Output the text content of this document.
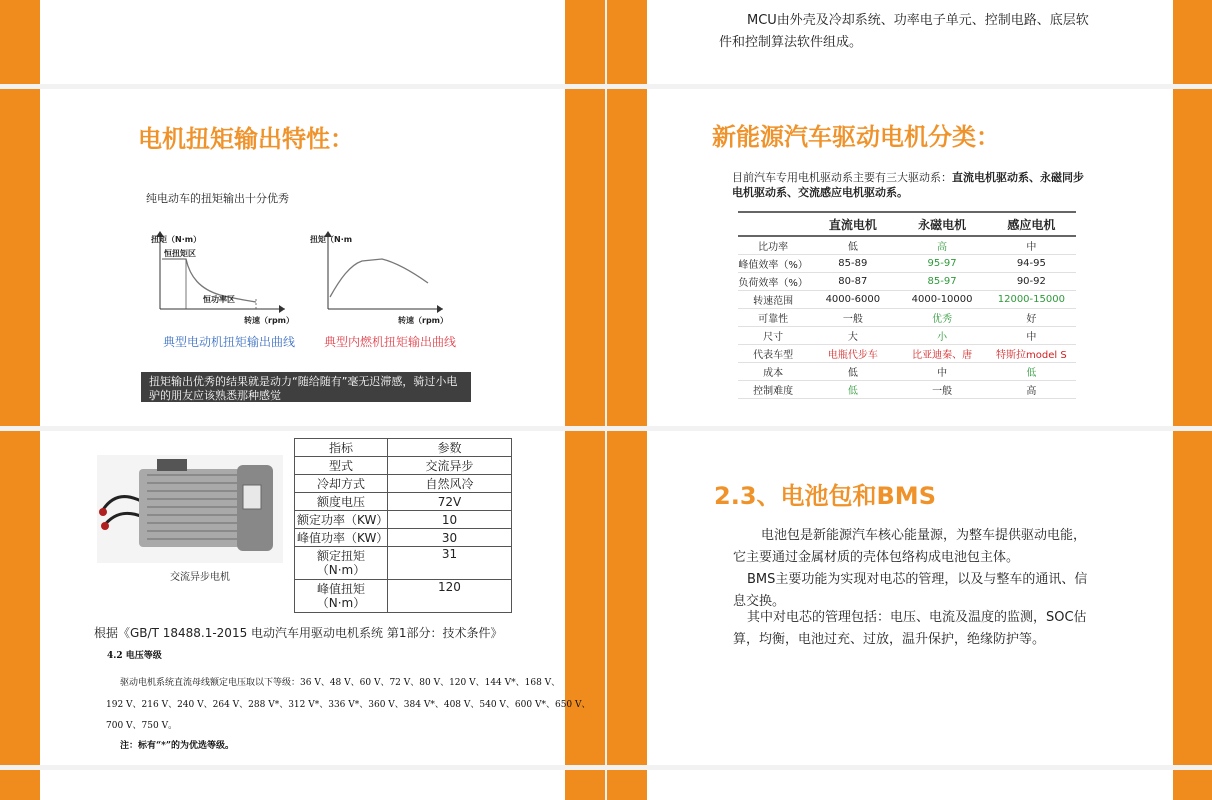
MCU由外壳及冷却系统、功率电子单元、控制电路、底层软件和控制算法软件组成。
电机扭矩输出特性：
纯电动车的扭矩输出十分优秀
扭矩（N·m）
恒扭矩区
恒功率区
转速（rpm）
典型电动机扭矩输出曲线
扭矩（N·m
转速（rpm）
典型内燃机扭矩输出曲线
扭矩输出优秀的结果就是动力“随给随有”毫无迟滞感，骑过小电驴的朋友应该熟悉那种感觉
新能源汽车驱动电机分类：
目前汽车专用电机驱动系主要有三大驱动系：直流电机驱动系、永磁同步电机驱动系、交流感应电机驱动系。
	直流电机	永磁电机	感应电机
比功率	低	高	中
峰值效率（%）	85-89	95-97	94-95
负荷效率（%）	80-87	85-97	90-92
转速范围	4000-6000	4000-10000	12000-15000
可靠性	一般	优秀	好
尺寸	大	小	中
代表车型	电瓶代步车	比亚迪秦、唐	特斯拉model S
成本	低	中	低
控制难度	低	一般	高
交流异步电机
指标	参数
型式	交流异步
冷却方式	自然风冷
额度电压	72V
额定功率（KW）	10
峰值功率（KW）	30
额定扭矩
（N·m）	31
峰值扭矩
（N·m）	120
根据《GB/T 18488.1-2015 电动汽车用驱动电机系统 第1部分：技术条件》
4.2 电压等级
驱动电机系统直流母线额定电压取以下等级：36 V、48 V、60 V、72 V、80 V、120 V、144 V*、168 V、
192 V、216 V、240 V、264 V、288 V*、312 V*、336 V*、360 V、384 V*、408 V、540 V、600 V*、650 V、
700 V、750 V。
注：标有“*”的为优选等级。
2.3、电池包和BMS
电池包是新能源汽车核心能量源，为整车提供驱动电能，它主要通过金属材质的壳体包络构成电池包主体。
BMS主要功能为实现对电芯的管理，以及与整车的通讯、信息交换。
其中对电芯的管理包括：电压、电流及温度的监测，SOC估算，均衡，电池过充、过放，温升保护，绝缘防护等。
